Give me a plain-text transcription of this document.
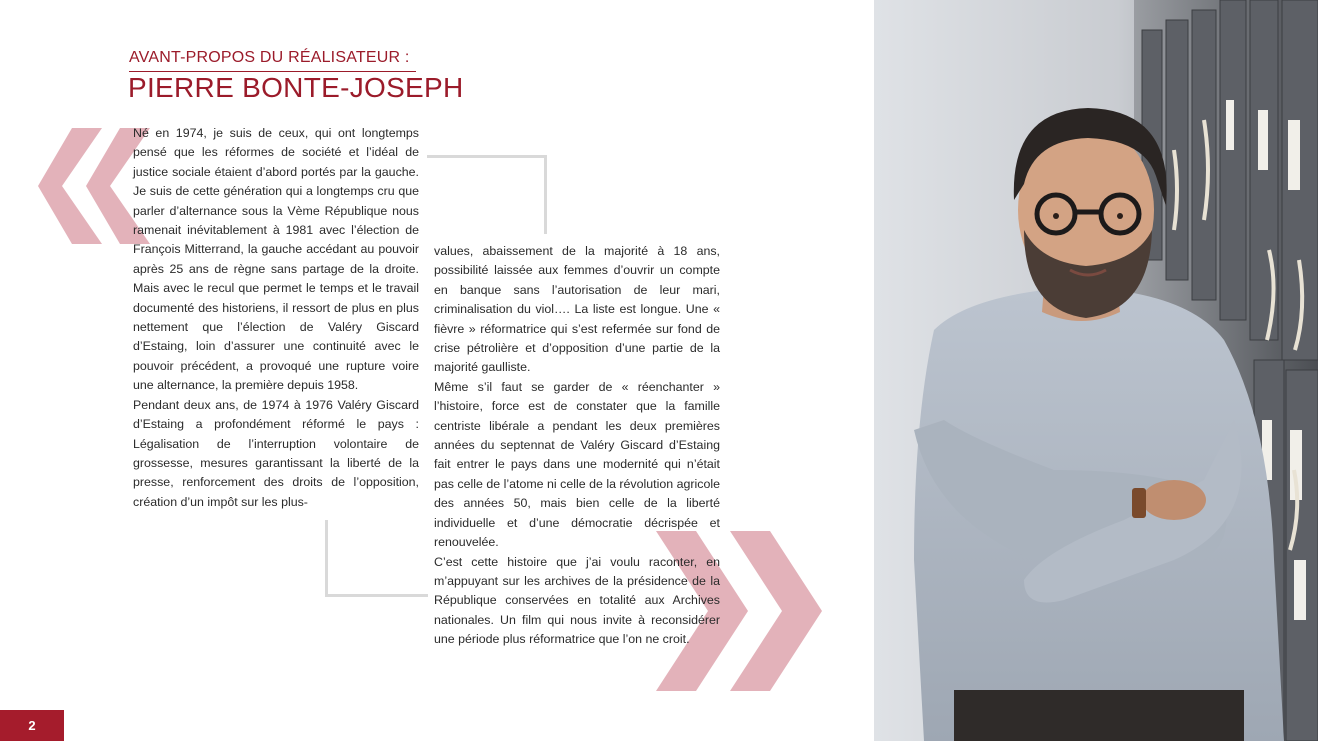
AVANT-PROPOS DU RÉALISATEUR :
PIERRE BONTE-JOSEPH

Né en 1974, je suis de ceux, qui ont longtemps pensé que les réformes de société et l’idéal de justice sociale étaient d’abord portés par la gauche. Je suis de cette génération qui a longtemps cru que parler d’alternance sous la Vème République nous ramenait inévitablement à 1981 avec l’élection de François Mitterrand, la gauche accédant au pouvoir après 25 ans de règne sans partage de la droite. Mais avec le recul que permet le temps et le travail documenté des historiens, il ressort de plus en plus nettement que l’élection de Valéry Giscard d’Estaing, loin d’assurer une continuité avec le pouvoir précédent, a provoqué une rupture voire une alternance, la première depuis 1958.

Pendant deux ans, de 1974 à 1976 Valéry Giscard d’Estaing a profondément réformé le pays : Légalisation de l’interruption volontaire de grossesse, mesures garantissant la liberté de la presse, renforcement des droits de l’opposition, création d’un impôt sur les plus-

values, abaissement de la majorité à 18 ans, possibilité laissée aux femmes d’ouvrir un compte en banque sans l’autorisation de leur mari, criminalisation du viol…. La liste est longue. Une « fièvre » réformatrice qui s’est refermée sur fond de crise pétrolière et d’opposition d’une partie de la majorité gaulliste.

Même s’il faut se garder de « réenchanter » l’histoire, force est de constater que la famille centriste libérale a pendant les deux premières années du septennat de Valéry Giscard d’Estaing fait entrer le pays dans une modernité qui n’était pas celle de l’atome ni celle de la révolution agricole des années 50, mais bien celle de la liberté individuelle et d’une démocratie décrispée et renouvelée.

C’est cette histoire que j’ai voulu raconter, en m’appuyant sur les archives de la présidence de la République conservées en totalité aux Archives nationales. Un film qui nous invite à reconsidérer une période plus réformatrice que l’on ne croit.

2
